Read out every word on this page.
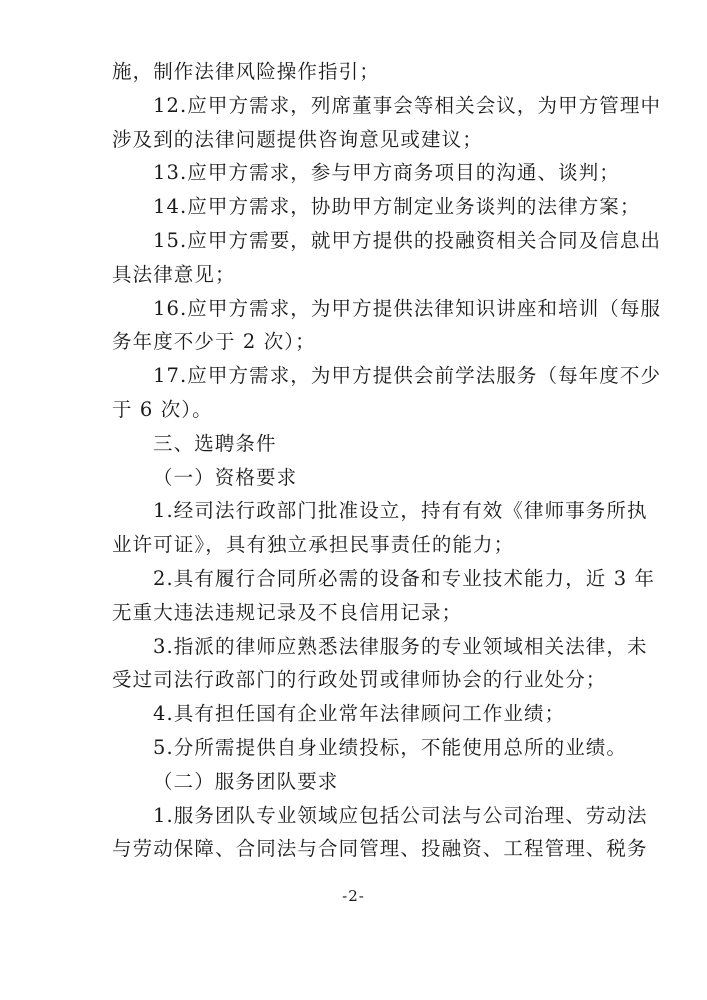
施，制作法律风险操作指引；
12.应甲方需求，列席董事会等相关会议，为甲方管理中
涉及到的法律问题提供咨询意见或建议；
13.应甲方需求，参与甲方商务项目的沟通、谈判；
14.应甲方需求，协助甲方制定业务谈判的法律方案；
15.应甲方需要，就甲方提供的投融资相关合同及信息出
具法律意见；
16.应甲方需求，为甲方提供法律知识讲座和培训（每服
务年度不少于 2 次）；
17.应甲方需求，为甲方提供会前学法服务（每年度不少
于 6 次）。
三、选聘条件
（一）资格要求
1.经司法行政部门批准设立，持有有效《律师事务所执
业许可证》，具有独立承担民事责任的能力；
2.具有履行合同所必需的设备和专业技术能力，近 3 年
无重大违法违规记录及不良信用记录；
3.指派的律师应熟悉法律服务的专业领域相关法律，未
受过司法行政部门的行政处罚或律师协会的行业处分；
4.具有担任国有企业常年法律顾问工作业绩；
5.分所需提供自身业绩投标，不能使用总所的业绩。
（二）服务团队要求
1.服务团队专业领域应包括公司法与公司治理、劳动法
与劳动保障、合同法与合同管理、投融资、工程管理、税务
-2-
